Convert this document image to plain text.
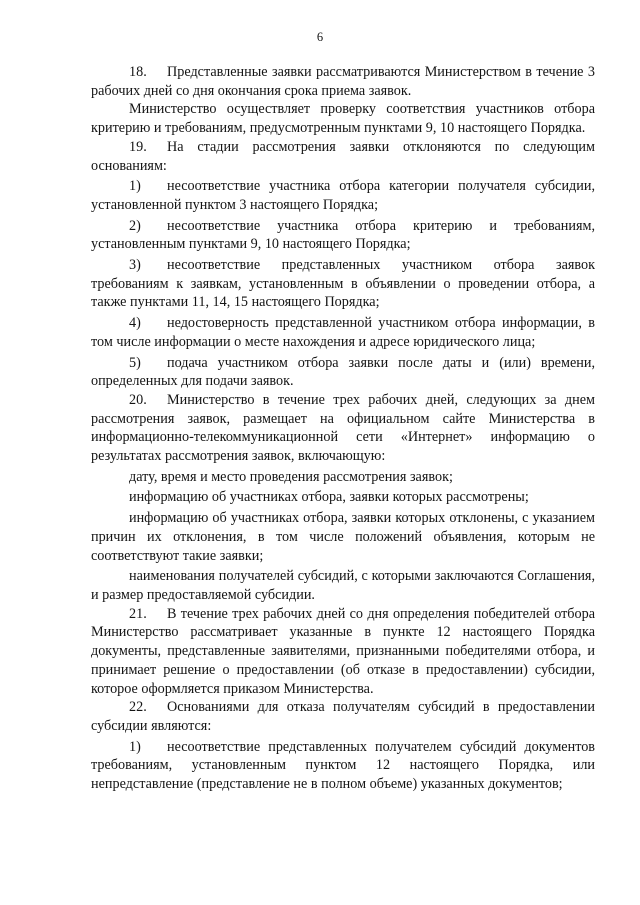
6

18. Представленные заявки рассматриваются Министерством в течение 3 рабочих дней со дня окончания срока приема заявок.

Министерство осуществляет проверку соответствия участников отбора критерию и требованиям, предусмотренным пунктами 9, 10 настоящего Порядка.

19. На стадии рассмотрения заявки отклоняются по следующим основаниям:

1) несоответствие участника отбора категории получателя субсидии, установленной пунктом 3 настоящего Порядка;

2) несоответствие участника отбора критерию и требованиям, установленным пунктами 9, 10 настоящего Порядка;

3) несоответствие представленных участником отбора заявок требованиям к заявкам, установленным в объявлении о проведении отбора, а также пунктами 11, 14, 15 настоящего Порядка;

4) недостоверность представленной участником отбора информации, в том числе информации о месте нахождения и адресе юридического лица;

5) подача участником отбора заявки после даты и (или) времени, определенных для подачи заявок.

20. Министерство в течение трех рабочих дней, следующих за днем рассмотрения заявок, размещает на официальном сайте Министерства в информационно-телекоммуникационной сети «Интернет» информацию о результатах рассмотрения заявок, включающую:

дату, время и место проведения рассмотрения заявок;

информацию об участниках отбора, заявки которых рассмотрены;

информацию об участниках отбора, заявки которых отклонены, с указанием причин их отклонения, в том числе положений объявления, которым не соответствуют такие заявки;

наименования получателей субсидий, с которыми заключаются Соглашения, и размер предоставляемой субсидии.

21. В течение трех рабочих дней со дня определения победителей отбора Министерство рассматривает указанные в пункте 12 настоящего Порядка документы, представленные заявителями, признанными победителями отбора, и принимает решение о предоставлении (об отказе в предоставлении) субсидии, которое оформляется приказом Министерства.

22. Основаниями для отказа получателям субсидий в предоставлении субсидии являются:

1) несоответствие представленных получателем субсидий документов требованиям, установленным пунктом 12 настоящего Порядка, или непредставление (представление не в полном объеме) указанных документов;
